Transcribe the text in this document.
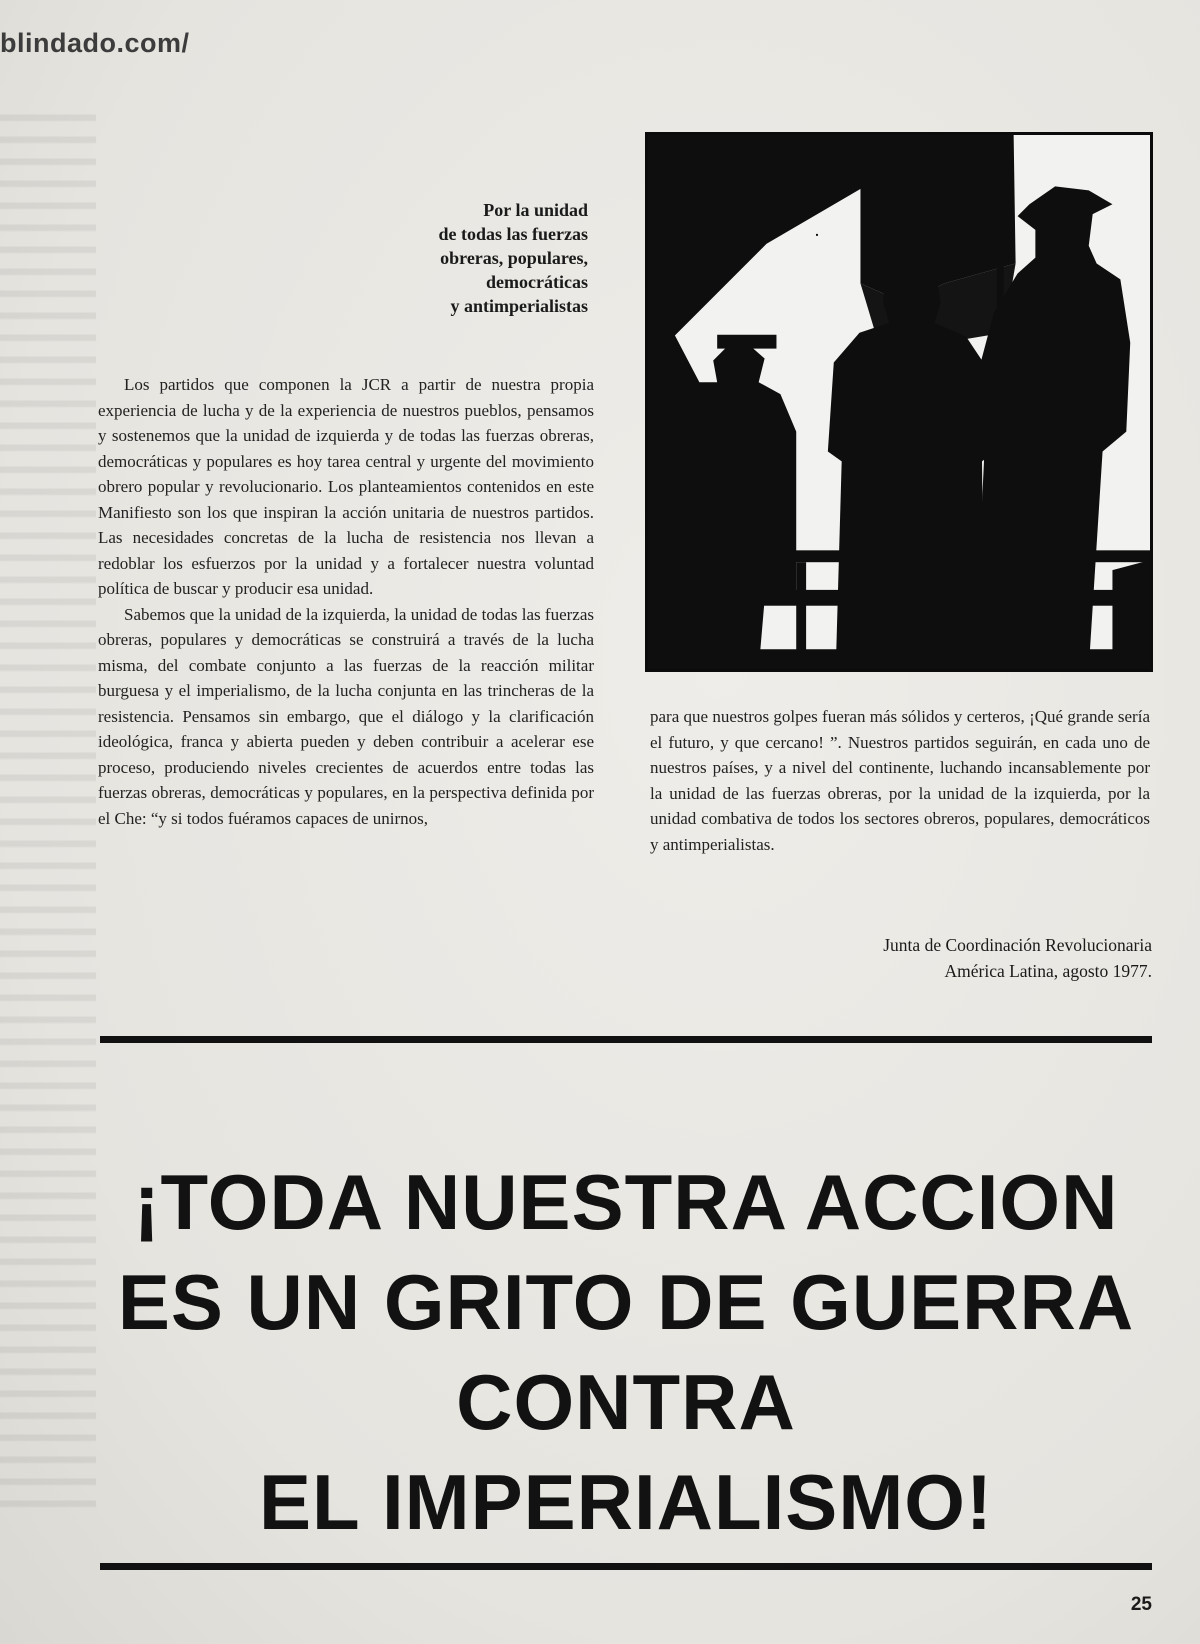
blindado.com/
Por la unidad
de todas las fuerzas
obreras, populares,
democráticas
y antimperialistas

Los partidos que componen la JCR a partir de nuestra propia experiencia de lucha y de la experiencia de nuestros pueblos, pensamos y sostenemos que la unidad de izquierda y de todas las fuerzas obreras, democráticas y populares es hoy tarea central y urgente del movimiento obrero popular y revolucionario. Los planteamientos contenidos en este Manifiesto son los que inspiran la acción unitaria de nuestros partidos. Las necesidades concretas de la lucha de resistencia nos llevan a redoblar los esfuerzos por la unidad y a fortalecer nuestra voluntad política de buscar y producir esa unidad.

Sabemos que la unidad de la izquierda, la unidad de todas las fuerzas obreras, populares y democráticas se construirá a través de la lucha misma, del combate conjunto a las fuerzas de la reacción militar burguesa y el imperialismo, de la lucha conjunta en las trincheras de la resistencia. Pensamos sin embargo, que el diálogo y la clarificación ideológica, franca y abierta pueden y deben contribuir a acelerar ese proceso, produciendo niveles crecientes de acuerdos entre todas las fuerzas obreras, democráticas y populares, en la perspectiva definida por el Che: “y si todos fuéramos capaces de unirnos,

para que nuestros golpes fueran más sólidos y certeros, ¡Qué grande sería el futuro, y que cercano! ”. Nuestros partidos seguirán, en cada uno de nuestros países, y a nivel del continente, luchando incansablemente por la unidad de las fuerzas obreras, por la unidad de la izquierda, por la unidad combativa de todos los sectores obreros, populares, democráticos y antimperialistas.

Junta de Coordinación Revolucionaria
América Latina, agosto 1977.
¡TODA NUESTRA ACCION
ES UN GRITO DE GUERRA
CONTRA
EL IMPERIALISMO!
25
